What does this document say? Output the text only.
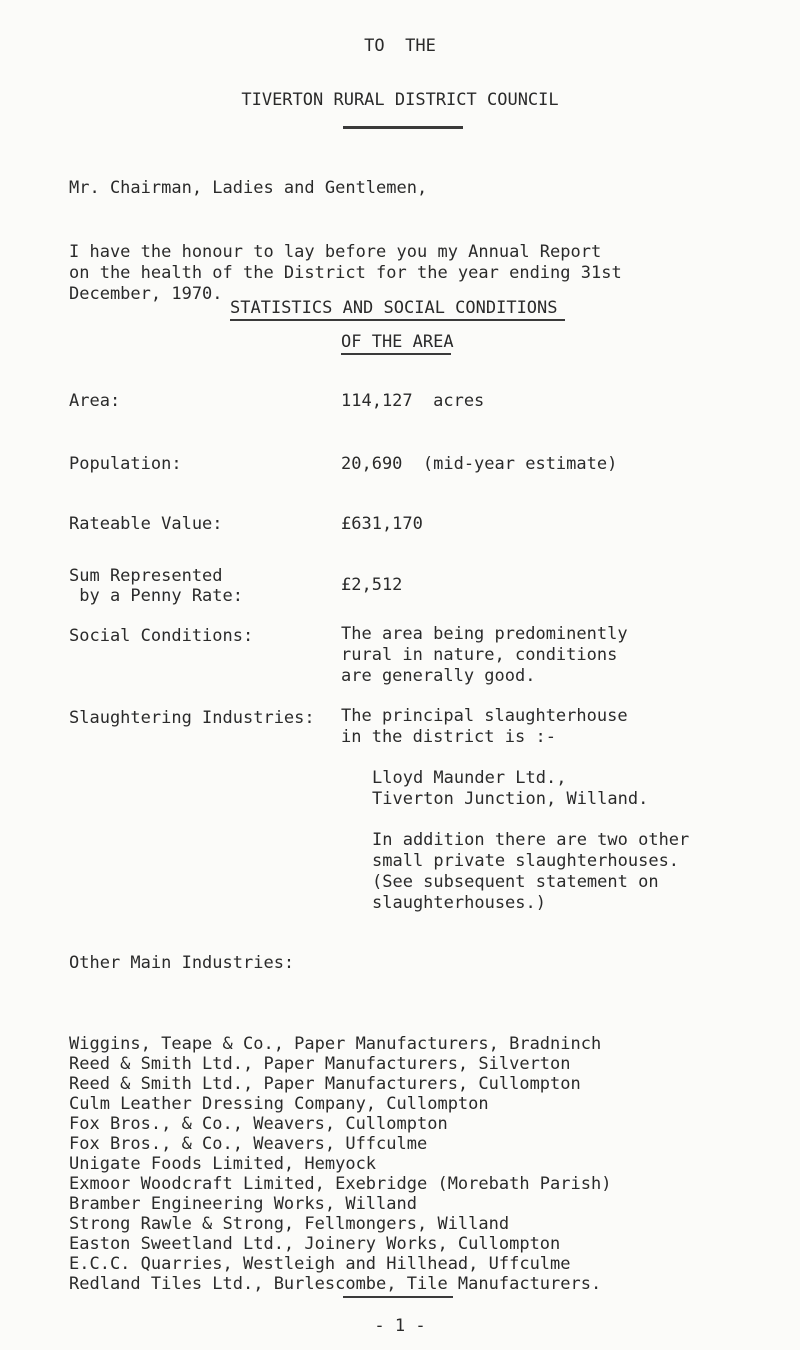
TO  THE
TIVERTON RURAL DISTRICT COUNCIL
Mr. Chairman, Ladies and Gentlemen,

I have the honour to lay before you my Annual Report
on the health of the District for the year ending 31st
December, 1970.

STATISTICS AND SOCIAL CONDITIONS
OF THE AREA
Area:	114,127  acres
Population:	20,690  (mid-year estimate)
Rateable Value:	£631,170
Sum Represented
by a Penny Rate:
£2,512
Social Conditions:	The area being predominently
rural in nature, conditions
are generally good.
Slaughtering Industries: The principal slaughterhouse
in the district is :-
Lloyd Maunder Ltd.,
Tiverton Junction, Willand.
In addition there are two other
small private slaughterhouses.
(See subsequent statement on
slaughterhouses.)
Other Main Industries:

Wiggins, Teape & Co., Paper Manufacturers, Bradninch
Reed & Smith Ltd., Paper Manufacturers, Silverton
Reed & Smith Ltd., Paper Manufacturers, Cullompton
Culm Leather Dressing Company, Cullompton
Fox Bros., & Co., Weavers, Cullompton
Fox Bros., & Co., Weavers, Uffculme
Unigate Foods Limited, Hemyock
Exmoor Woodcraft Limited, Exebridge (Morebath Parish)
Bramber Engineering Works, Willand
Strong Rawle & Strong, Fellmongers, Willand
Easton Sweetland Ltd., Joinery Works, Cullompton
E.C.C. Quarries, Westleigh and Hillhead, Uffculme
Redland Tiles Ltd., Burlescombe, Tile Manufacturers.

- 1 -
